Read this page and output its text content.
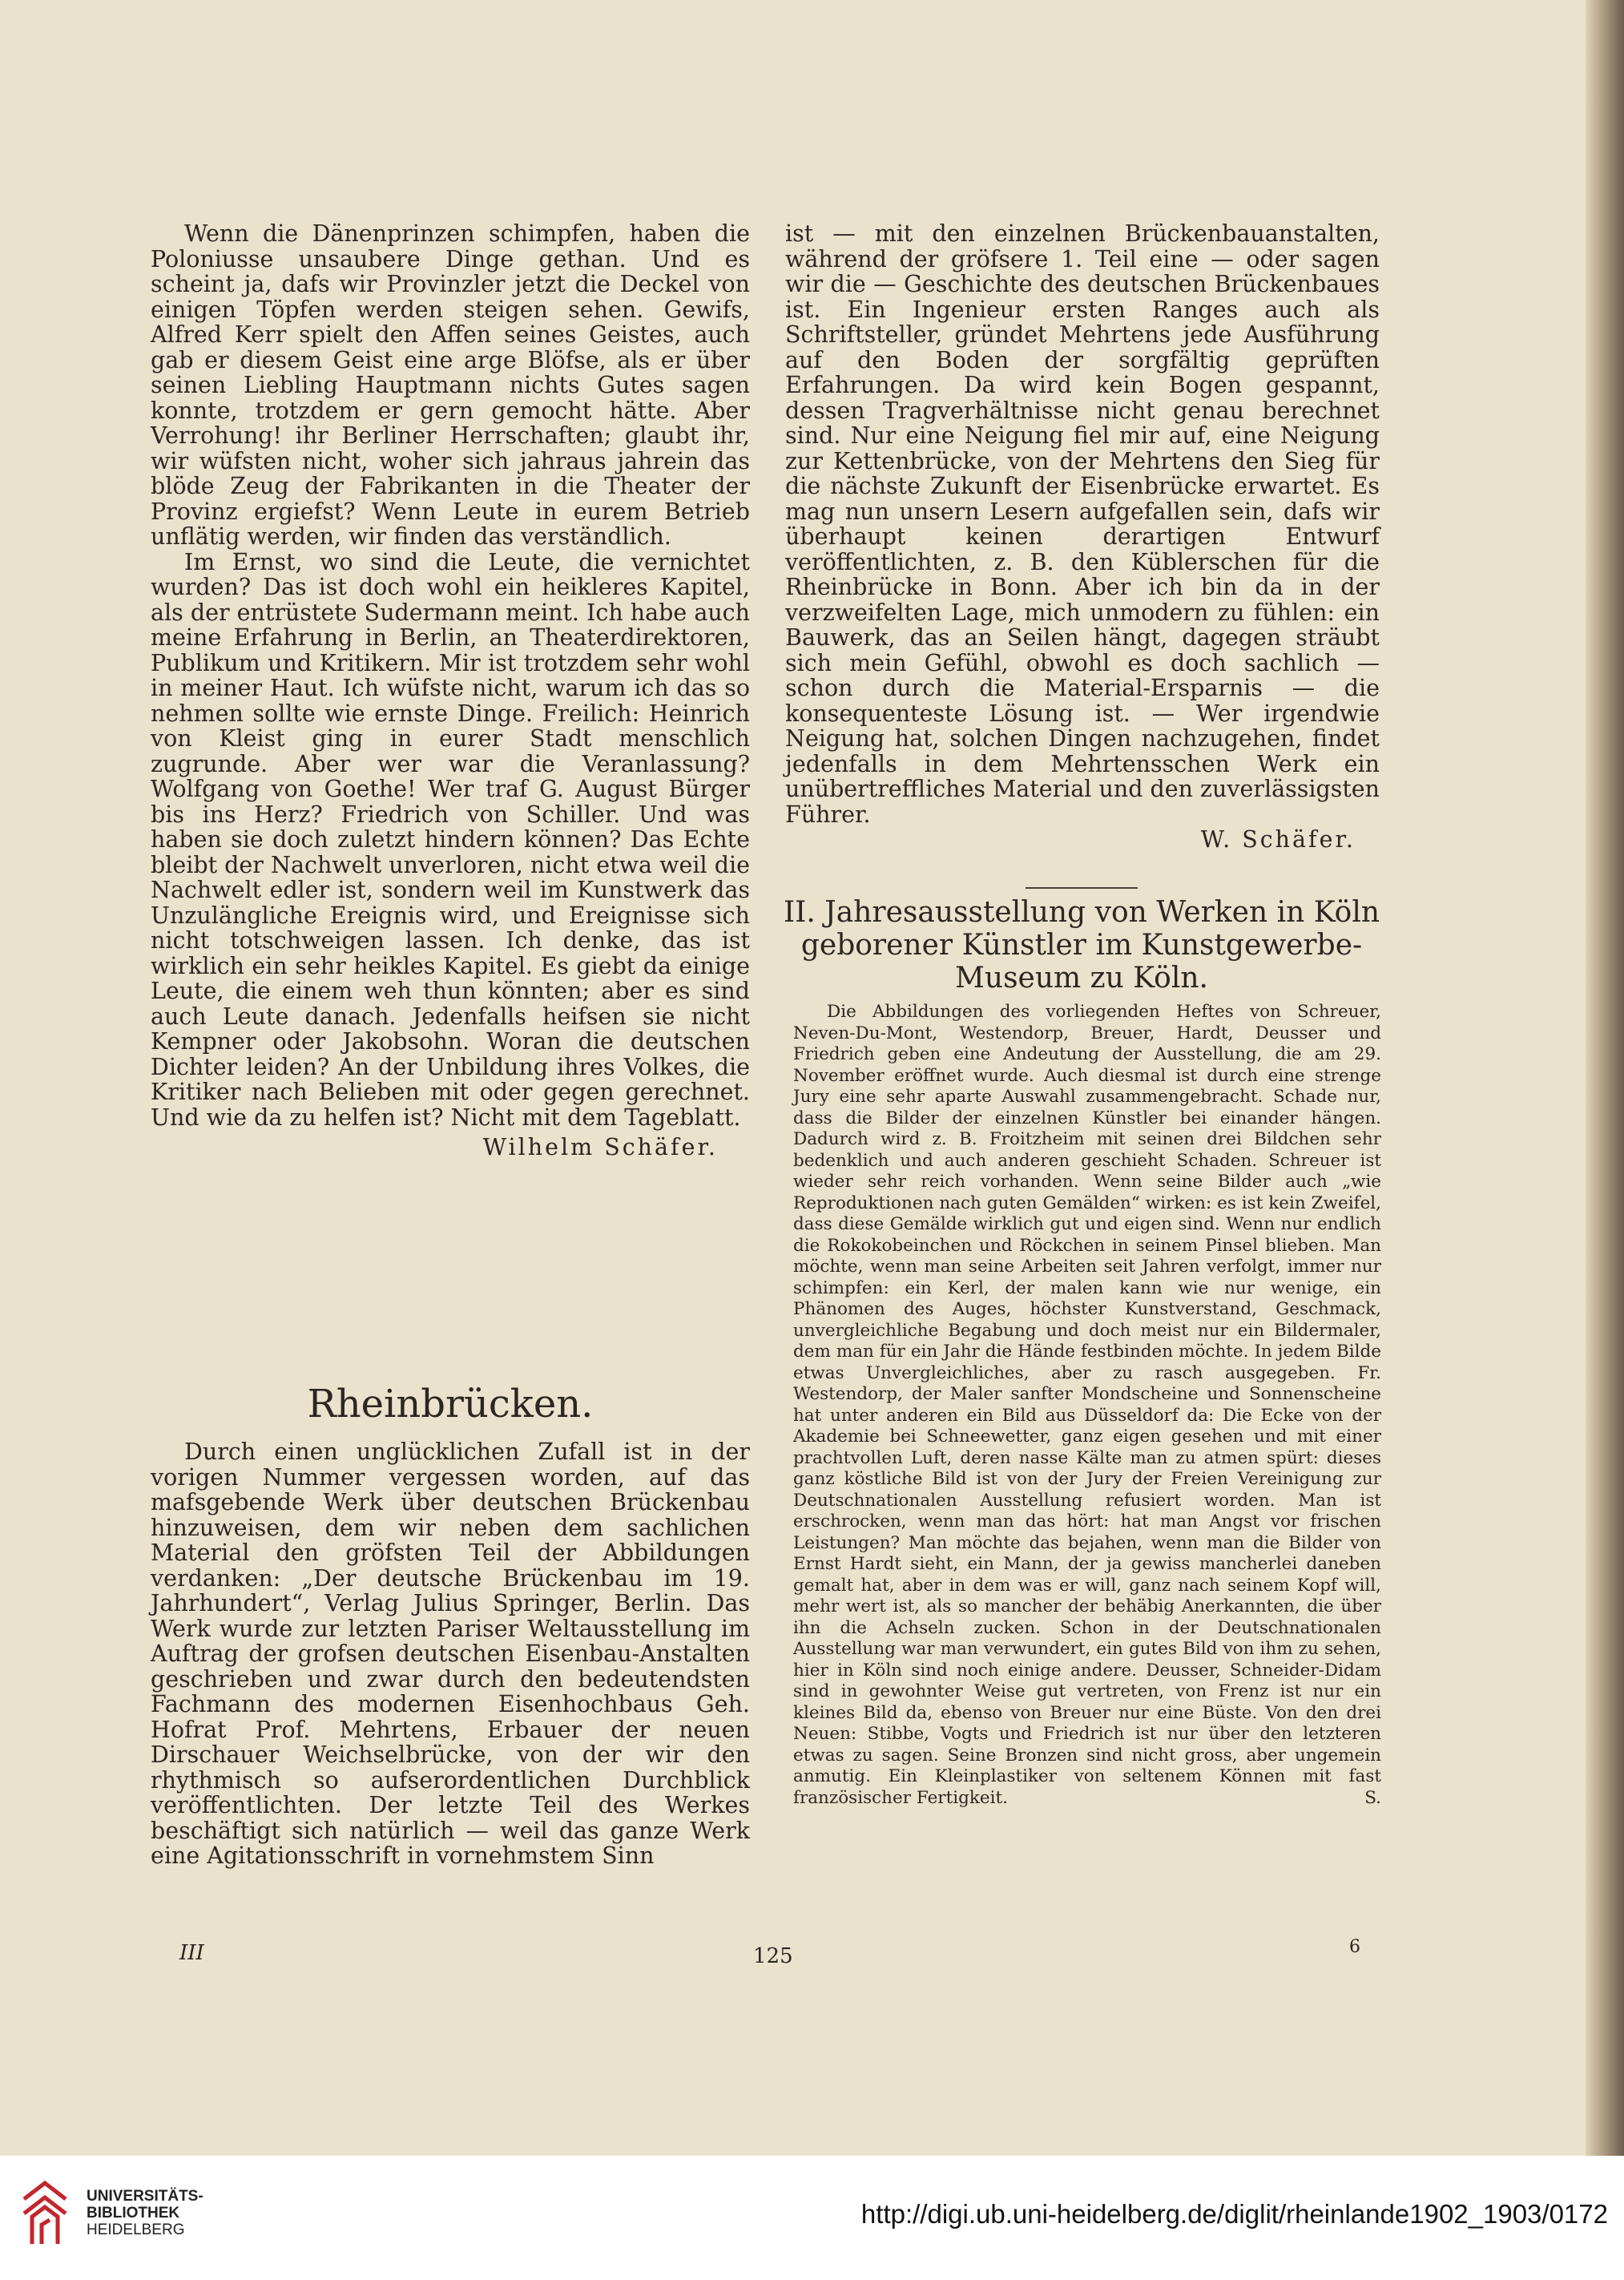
Wenn die Dänenprinzen schimpfen, haben die Poloniusse unsaubere Dinge gethan. Und es scheint ja, dafs wir Provinzler jetzt die Deckel von einigen Töpfen werden steigen sehen. Gewifs, Alfred Kerr spielt den Affen seines Geistes, auch gab er diesem Geist eine arge Blöfse, als er über seinen Liebling Hauptmann nichts Gutes sagen konnte, trotzdem er gern gemocht hätte. Aber Verrohung! ihr Berliner Herrschaften; glaubt ihr, wir wüfsten nicht, woher sich jahraus jahrein das blöde Zeug der Fabrikanten in die Theater der Provinz ergiefst? Wenn Leute in eurem Betrieb unflätig werden, wir finden das verständlich.

Im Ernst, wo sind die Leute, die vernichtet wurden? Das ist doch wohl ein heikleres Kapitel, als der entrüstete Sudermann meint. Ich habe auch meine Erfahrung in Berlin, an Theaterdirektoren, Publikum und Kritikern. Mir ist trotzdem sehr wohl in meiner Haut. Ich wüfste nicht, warum ich das so nehmen sollte wie ernste Dinge. Freilich: Heinrich von Kleist ging in eurer Stadt menschlich zugrunde. Aber wer war die Veranlassung? Wolfgang von Goethe! Wer traf G. August Bürger bis ins Herz? Friedrich von Schiller. Und was haben sie doch zuletzt hindern können? Das Echte bleibt der Nachwelt unverloren, nicht etwa weil die Nachwelt edler ist, sondern weil im Kunstwerk das Unzulängliche Ereignis wird, und Ereignisse sich nicht totschweigen lassen. Ich denke, das ist wirklich ein sehr heikles Kapitel. Es giebt da einige Leute, die einem weh thun könnten; aber es sind auch Leute danach. Jedenfalls heifsen sie nicht Kempner oder Jakobsohn. Woran die deutschen Dichter leiden? An der Unbildung ihres Volkes, die Kritiker nach Belieben mit oder gegen gerechnet. Und wie da zu helfen ist? Nicht mit dem Tageblatt.

Wilhelm Schäfer.
Rheinbrücken.

Durch einen unglücklichen Zufall ist in der vorigen Nummer vergessen worden, auf das mafsgebende Werk über deutschen Brückenbau hinzuweisen, dem wir neben dem sachlichen Material den gröfsten Teil der Abbildungen verdanken: „Der deutsche Brückenbau im 19. Jahrhundert“, Verlag Julius Springer, Berlin. Das Werk wurde zur letzten Pariser Weltausstellung im Auftrag der grofsen deutschen Eisenbau-Anstalten geschrieben und zwar durch den bedeutendsten Fachmann des modernen Eisenhochbaus Geh. Hofrat Prof. Mehrtens, Erbauer der neuen Dirschauer Weichselbrücke, von der wir den rhythmisch so aufserordentlichen Durchblick veröffentlichten. Der letzte Teil des Werkes beschäftigt sich natürlich — weil das ganze Werk eine Agitationsschrift in vornehmstem Sinn

ist — mit den einzelnen Brückenbauanstalten, während der gröfsere 1. Teil eine — oder sagen wir die — Geschichte des deutschen Brückenbaues ist. Ein Ingenieur ersten Ranges auch als Schriftsteller, gründet Mehrtens jede Ausführung auf den Boden der sorgfältig geprüften Erfahrungen. Da wird kein Bogen gespannt, dessen Tragverhältnisse nicht genau berechnet sind. Nur eine Neigung fiel mir auf, eine Neigung zur Kettenbrücke, von der Mehrtens den Sieg für die nächste Zukunft der Eisenbrücke erwartet. Es mag nun unsern Lesern aufgefallen sein, dafs wir überhaupt keinen derartigen Entwurf veröffentlichten, z. B. den Küblerschen für die Rheinbrücke in Bonn. Aber ich bin da in der verzweifelten Lage, mich unmodern zu fühlen: ein Bauwerk, das an Seilen hängt, dagegen sträubt sich mein Gefühl, obwohl es doch sachlich — schon durch die Material-Ersparnis — die konsequenteste Lösung ist. — Wer irgendwie Neigung hat, solchen Dingen nachzugehen, findet jedenfalls in dem Mehrtensschen Werk ein unübertreffliches Material und den zuverlässigsten Führer.
W. Schäfer.

II. Jahresausstellung von Werken in Köln geborener Künstler im Kunstgewerbe-Museum zu Köln.

Die Abbildungen des vorliegenden Heftes von Schreuer, Neven-Du-Mont, Westendorp, Breuer, Hardt, Deusser und Friedrich geben eine Andeutung der Ausstellung, die am 29. November eröffnet wurde. Auch diesmal ist durch eine strenge Jury eine sehr aparte Auswahl zusammengebracht. Schade nur, dass die Bilder der einzelnen Künstler bei einander hängen. Dadurch wird z. B. Froitzheim mit seinen drei Bildchen sehr bedenklich und auch anderen geschieht Schaden. Schreuer ist wieder sehr reich vorhanden. Wenn seine Bilder auch „wie Reproduktionen nach guten Gemälden“ wirken: es ist kein Zweifel, dass diese Gemälde wirklich gut und eigen sind. Wenn nur endlich die Rokokobeinchen und Röckchen in seinem Pinsel blieben. Man möchte, wenn man seine Arbeiten seit Jahren verfolgt, immer nur schimpfen: ein Kerl, der malen kann wie nur wenige, ein Phänomen des Auges, höchster Kunstverstand, Geschmack, unvergleichliche Begabung und doch meist nur ein Bildermaler, dem man für ein Jahr die Hände festbinden möchte. In jedem Bilde etwas Unvergleichliches, aber zu rasch ausgegeben. Fr. Westendorp, der Maler sanfter Mondscheine und Sonnenscheine hat unter anderen ein Bild aus Düsseldorf da: Die Ecke von der Akademie bei Schneewetter, ganz eigen gesehen und mit einer prachtvollen Luft, deren nasse Kälte man zu atmen spürt: dieses ganz köstliche Bild ist von der Jury der Freien Vereinigung zur Deutschnationalen Ausstellung refusiert worden. Man ist erschrocken, wenn man das hört: hat man Angst vor frischen Leistungen? Man möchte das bejahen, wenn man die Bilder von Ernst Hardt sieht, ein Mann, der ja gewiss mancherlei daneben gemalt hat, aber in dem was er will, ganz nach seinem Kopf will, mehr wert ist, als so mancher der behäbig Anerkannten, die über ihn die Achseln zucken. Schon in der Deutschnationalen Ausstellung war man verwundert, ein gutes Bild von ihm zu sehen, hier in Köln sind noch einige andere. Deusser, Schneider-Didam sind in gewohnter Weise gut vertreten, von Frenz ist nur ein kleines Bild da, ebenso von Breuer nur eine Büste. Von den drei Neuen: Stibbe, Vogts und Friedrich ist nur über den letzteren etwas zu sagen. Seine Bronzen sind nicht gross, aber ungemein anmutig. Ein Kleinplastiker von seltenem Können mit fast französischer Fertigkeit.	S.

III	125	6
UNIVERSITÄTS-
BIBLIOTHEK
HEIDELBERG
http://digi.ub.uni-heidelberg.de/diglit/rheinlande1902_1903/0172
